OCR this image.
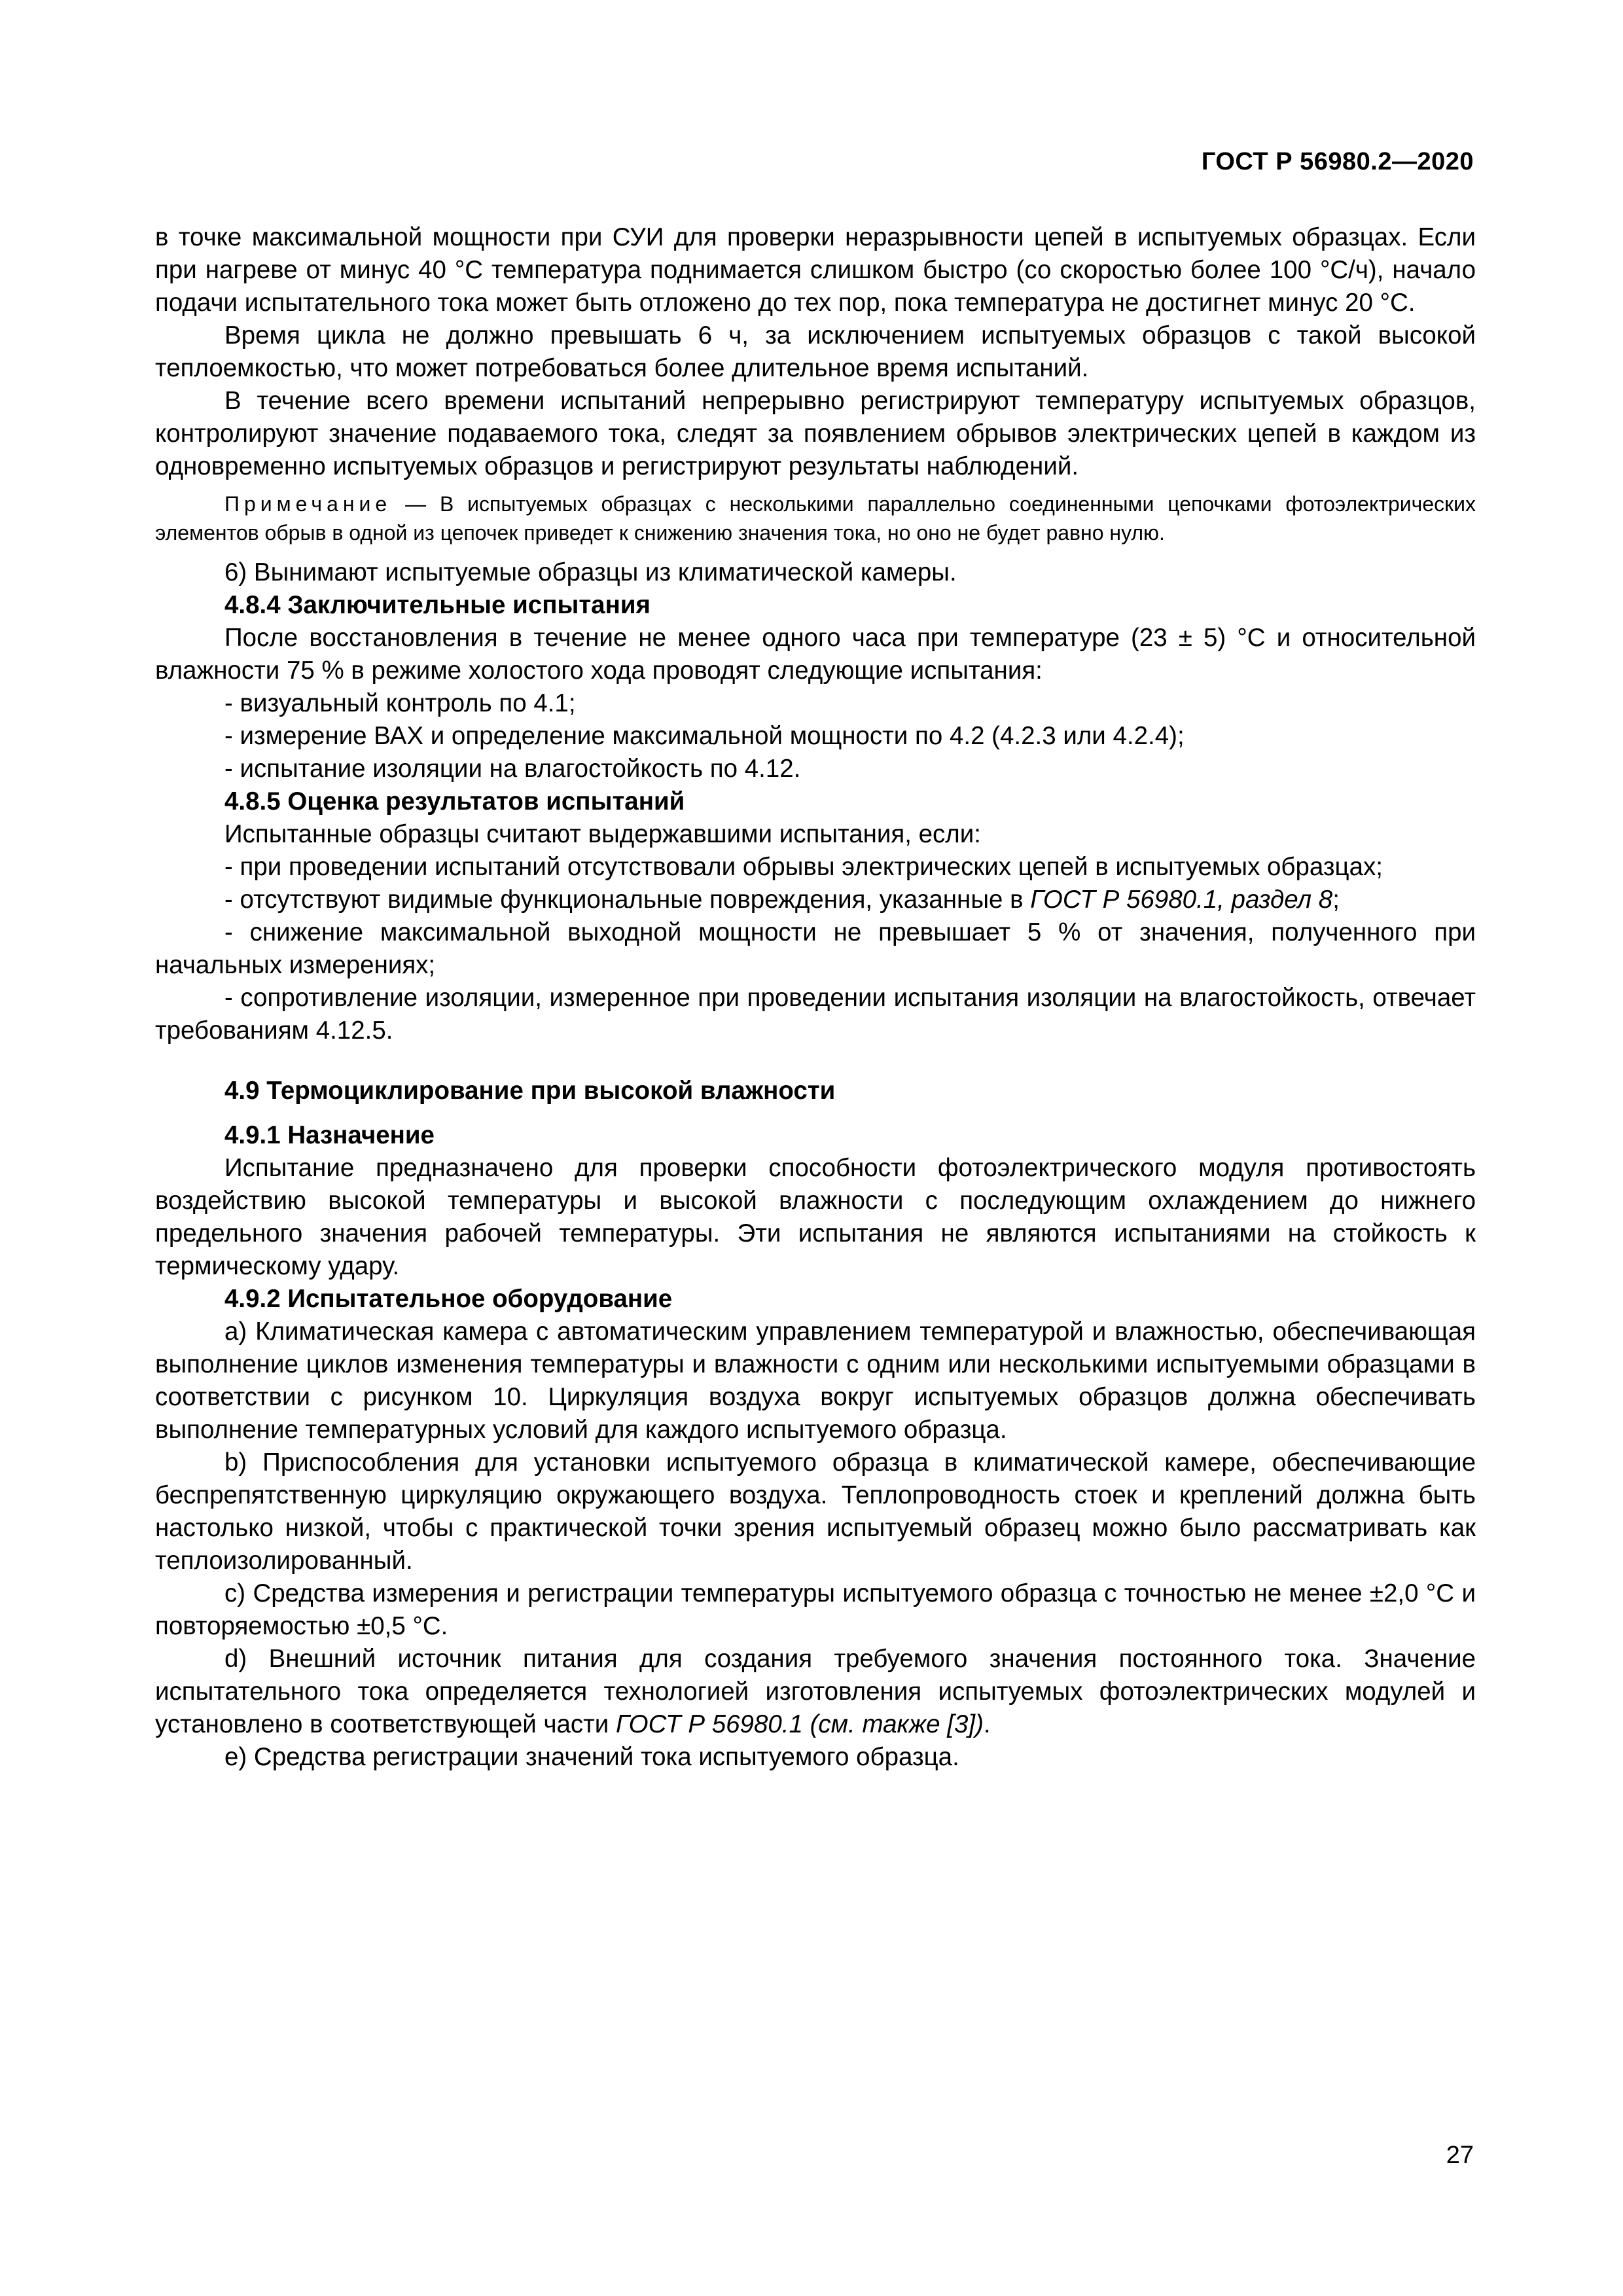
ГОСТ Р 56980.2—2020

в точке максимальной мощности при СУИ для проверки неразрывности цепей в испытуемых образцах. Если при нагреве от минус 40 °С температура поднимается слишком быстро (со скоростью более 100 °С/ч), начало подачи испытательного тока может быть отложено до тех пор, пока температура не достигнет минус 20 °С.

Время цикла не должно превышать 6 ч, за исключением испытуемых образцов с такой высокой теплоемкостью, что может потребоваться более длительное время испытаний.

В течение всего времени испытаний непрерывно регистрируют температуру испытуемых образцов, контролируют значение подаваемого тока, следят за появлением обрывов электрических цепей в каждом из одновременно испытуемых образцов и регистрируют результаты наблюдений.

Примечание — В испытуемых образцах с несколькими параллельно соединенными цепочками фотоэлектрических элементов обрыв в одной из цепочек приведет к снижению значения тока, но оно не будет равно нулю.

6) Вынимают испытуемые образцы из климатической камеры.

4.8.4 Заключительные испытания

После восстановления в течение не менее одного часа при температуре (23 ± 5) °С и относительной влажности 75 % в режиме холостого хода проводят следующие испытания:

- визуальный контроль по 4.1;

- измерение ВАХ и определение максимальной мощности по 4.2 (4.2.3 или 4.2.4);

- испытание изоляции на влагостойкость по 4.12.

4.8.5 Оценка результатов испытаний

Испытанные образцы считают выдержавшими испытания, если:

- при проведении испытаний отсутствовали обрывы электрических цепей в испытуемых образцах;

- отсутствуют видимые функциональные повреждения, указанные в ГОСТ Р 56980.1, раздел 8;

- снижение максимальной выходной мощности не превышает 5 % от значения, полученного при начальных измерениях;

- сопротивление изоляции, измеренное при проведении испытания изоляции на влагостойкость, отвечает требованиям 4.12.5.

4.9 Термоциклирование при высокой влажности

4.9.1 Назначение

Испытание предназначено для проверки способности фотоэлектрического модуля противостоять воздействию высокой температуры и высокой влажности с последующим охлаждением до нижнего предельного значения рабочей температуры. Эти испытания не являются испытаниями на стойкость к термическому удару.

4.9.2 Испытательное оборудование

а) Климатическая камера с автоматическим управлением температурой и влажностью, обеспечивающая выполнение циклов изменения температуры и влажности с одним или несколькими испытуемыми образцами в соответствии с рисунком 10. Циркуляция воздуха вокруг испытуемых образцов должна обеспечивать выполнение температурных условий для каждого испытуемого образца.

b) Приспособления для установки испытуемого образца в климатической камере, обеспечивающие беспрепятственную циркуляцию окружающего воздуха. Теплопроводность стоек и креплений должна быть настолько низкой, чтобы с практической точки зрения испытуемый образец можно было рассматривать как теплоизолированный.

с) Средства измерения и регистрации температуры испытуемого образца с точностью не менее ±2,0 °С и повторяемостью ±0,5 °С.

d) Внешний источник питания для создания требуемого значения постоянного тока. Значение испытательного тока определяется технологией изготовления испытуемых фотоэлектрических модулей и установлено в соответствующей части ГОСТ Р 56980.1 (см. также [3]).

е) Средства регистрации значений тока испытуемого образца.

27
